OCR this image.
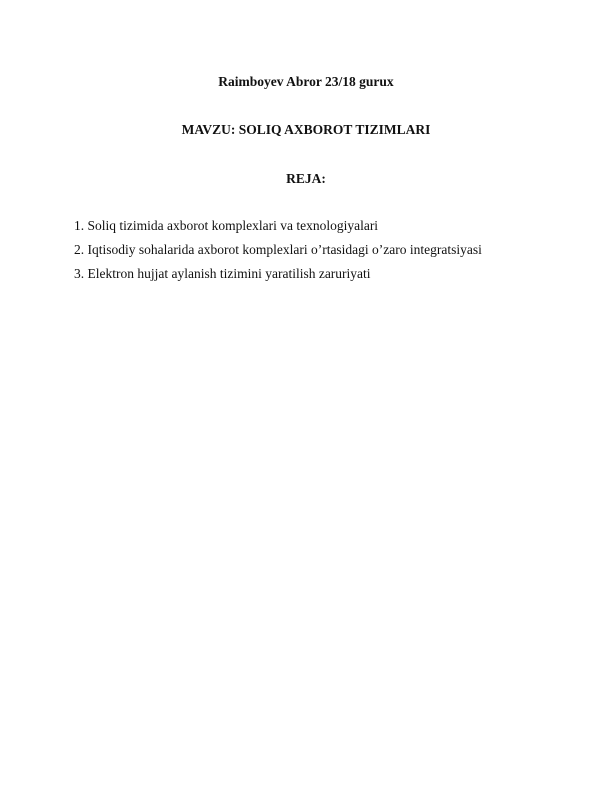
Raimboyev Abror 23/18 gurux
MAVZU: SOLIQ AXBOROT TIZIMLARI
REJA:
1. Soliq tizimida axborot komplexlari va texnologiyalari
2. Iqtisodiy sohalarida axborot komplexlari o’rtasidagi o’zaro integratsiyasi
3. Elektron hujjat aylanish tizimini yaratilish zaruriyati
